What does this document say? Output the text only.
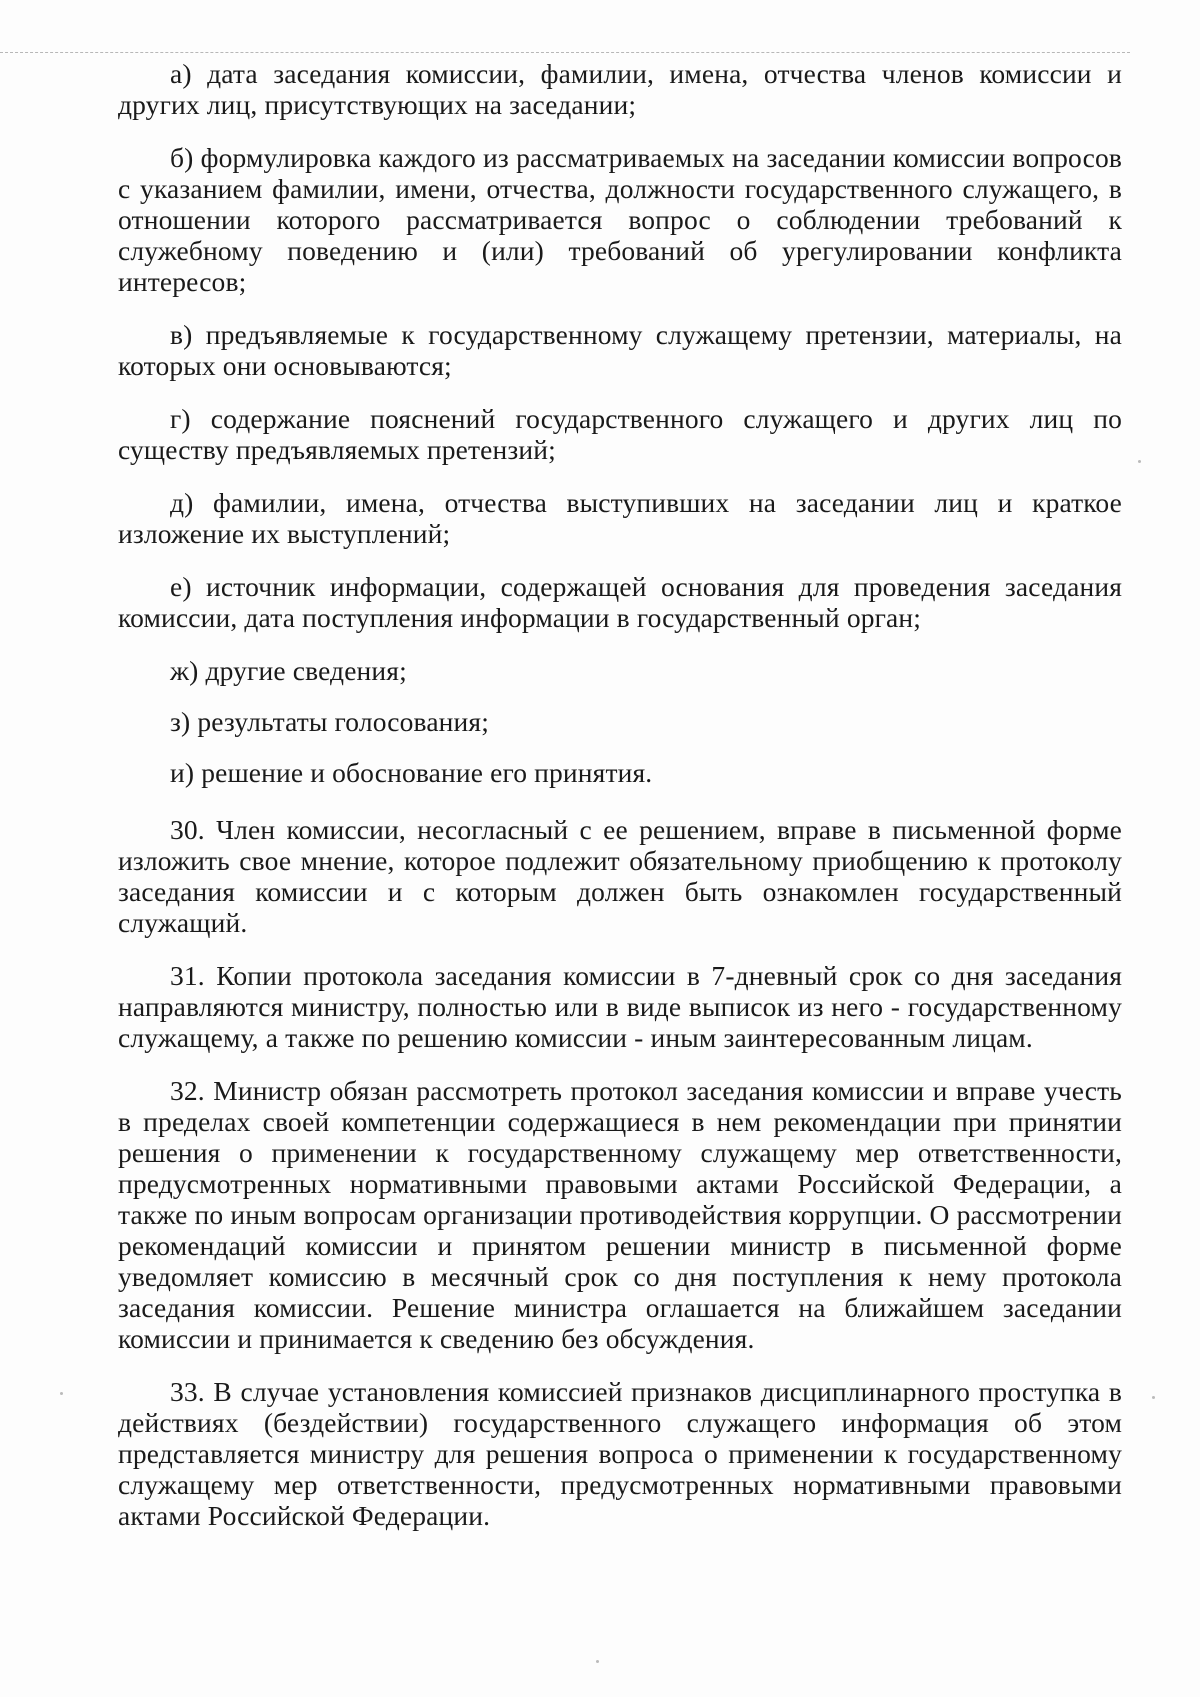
а) дата заседания комиссии, фамилии, имена, отчества членов комиссии и других лиц, присутствующих на заседании;

б) формулировка каждого из рассматриваемых на заседании комиссии вопросов с указанием фамилии, имени, отчества, должности государственного служащего, в отношении которого рассматривается вопрос о соблюдении требований к служебному поведению и (или) требований об урегулировании конфликта интересов;

в) предъявляемые к государственному служащему претензии, материалы, на которых они основываются;

г) содержание пояснений государственного служащего и других лиц по существу предъявляемых претензий;

д) фамилии, имена, отчества выступивших на заседании лиц и краткое изложение их выступлений;

е) источник информации, содержащей основания для проведения заседания комиссии, дата поступления информации в государственный орган;

ж) другие сведения;

з) результаты голосования;

и) решение и обоснование его принятия.

30. Член комиссии, несогласный с ее решением, вправе в письменной форме изложить свое мнение, которое подлежит обязательному приобщению к протоколу заседания комиссии и с которым должен быть ознакомлен государственный служащий.

31. Копии протокола заседания комиссии в 7-дневный срок со дня заседания направляются министру, полностью или в виде выписок из него - государственному служащему, а также по решению комиссии - иным заинтересованным лицам.

32. Министр обязан рассмотреть протокол заседания комиссии и вправе учесть в пределах своей компетенции содержащиеся в нем рекомендации при принятии решения о применении к государственному служащему мер ответственности, предусмотренных нормативными правовыми актами Российской Федерации, а также по иным вопросам организации противодействия коррупции. О рассмотрении рекомендаций комиссии и принятом решении министр в письменной форме уведомляет комиссию в месячный срок со дня поступления к нему протокола заседания комиссии. Решение министра оглашается на ближайшем заседании комиссии и принимается к сведению без обсуждения.

33. В случае установления комиссией признаков дисциплинарного проступка в действиях (бездействии) государственного служащего информация об этом представляется министру для решения вопроса о применении к государственному служащему мер ответственности, предусмотренных нормативными правовыми актами Российской Федерации.
